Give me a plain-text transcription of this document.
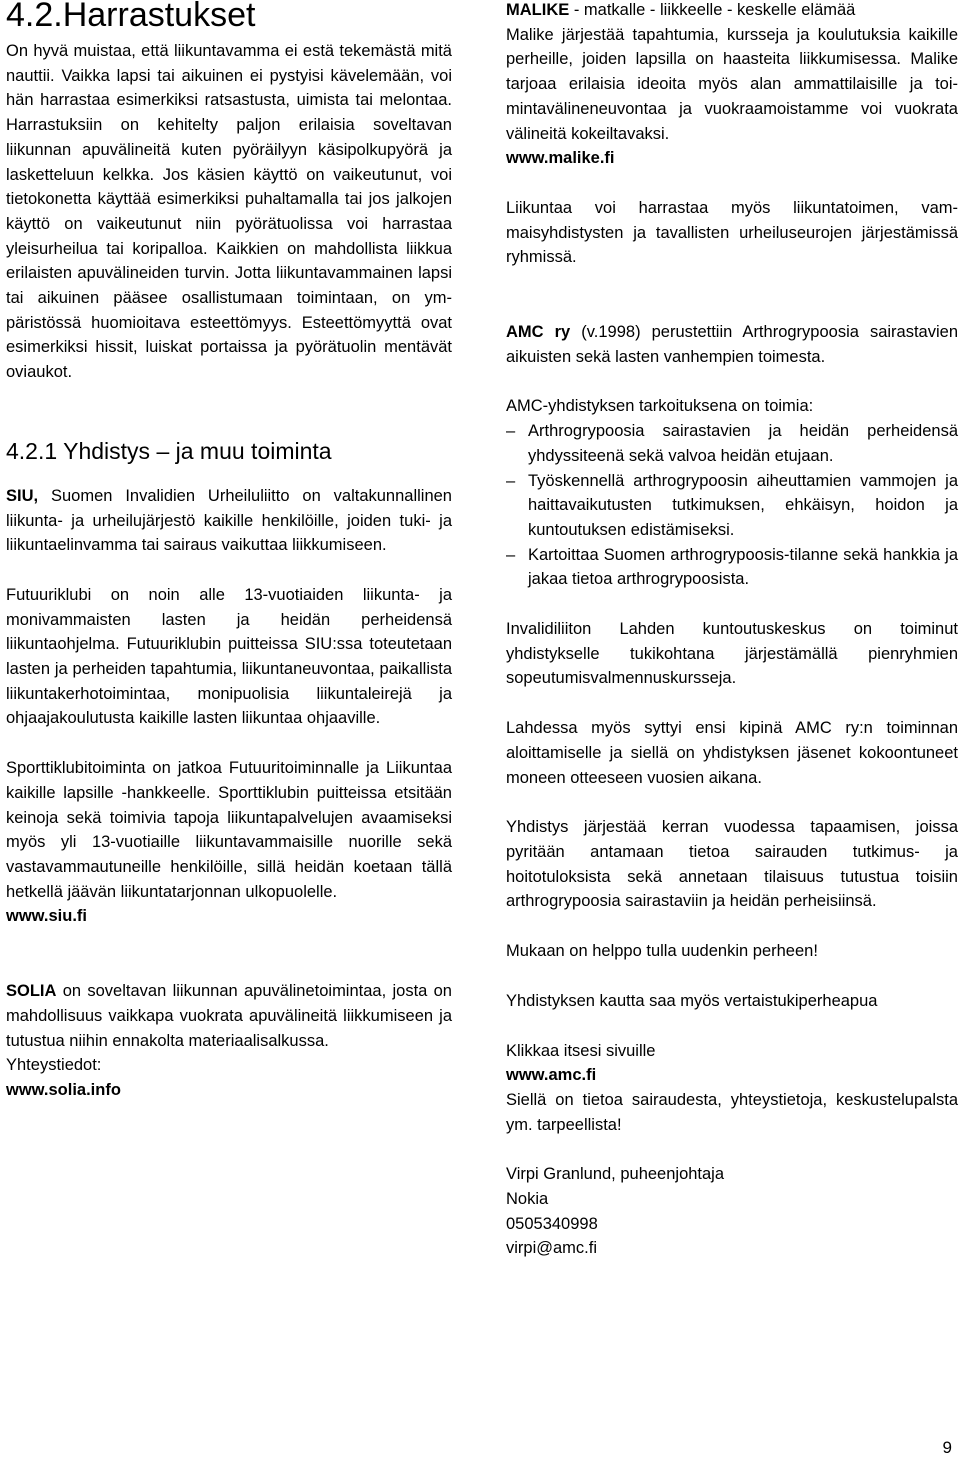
4.2.Harrastukset

On hyvä muistaa, että liikuntavamma ei estä tekemästä mitä nauttii. Vaikka lapsi tai aikuinen ei pystyisi kävelemään, voi hän harrastaa esimerkiksi ratsastusta, uimista tai melontaa. Harrastuksiin on kehitelty paljon erilaisia soveltavan liikunnan apuvälineitä kuten pyöräilyyn käsipolkupyörä ja lasketteluun kelkka. Jos käsien käyttö on vaikeutunut, voi tietokonetta käyttää esimerkiksi puhaltamalla tai jos jalkojen käyttö on vaikeutunut niin pyörätuolissa voi harrastaa yleisurheilua tai koripalloa. Kaikkien on mahdollista liikkua erilaisten apuvälineiden turvin. Jotta liikuntavammainen lapsi tai aikuinen pääsee osallistumaan toimintaan, on ympäristössä huomioitava esteettömyys. Esteettömyyttä ovat esimerkiksi hissit, luiskat portaissa ja pyörätuolin mentävät oviaukot.

4.2.1 Yhdistys – ja muu toiminta

SIU, Suomen Invalidien Urheiluliitto on valtakunnallinen liikunta- ja urheilujärjestö kaikille henkilöille, joiden tuki- ja liikuntaelinvamma tai sairaus vaikuttaa liikkumiseen.

Futuuriklubi on noin alle 13-vuotiaiden liikunta- ja monivammaisten lasten ja heidän perheidensä liikuntaohjelma. Futuuriklubin puitteissa SIU:ssa toteutetaan lasten ja perheiden tapahtumia, liikuntaneuvontaa, paikallista liikuntakerhotoimintaa, monipuolisia liikuntaleirejä ja ohjaajakoulutusta kaikille lasten liikuntaa ohjaaville.

Sporttiklubitoiminta on jatkoa Futuuritoiminnalle ja Liikuntaa kaikille lapsille -hankkeelle. Sporttiklubin puitteissa etsitään keinoja sekä toimivia tapoja liikuntapalvelujen avaamiseksi myös yli 13-vuotiaille liikuntavammaisille nuorille sekä vastavammautuneille henkilöille, sillä heidän koetaan tällä hetkellä jäävän liikuntatarjonnan ulkopuolelle.

www.siu.fi

SOLIA on soveltavan liikunnan apuvälinetoimintaa, josta on mahdollisuus vaikkapa vuokrata apuvälineitä liikkumiseen ja tutustua niihin ennakolta materiaalisalkussa.

Yhteystiedot:

www.solia.info

MALIKE - matkalle - liikkeelle - keskelle elämää

Malike järjestää tapahtumia, kursseja ja koulutuksia kaikille perheille, joiden lapsilla on haasteita liikkumisessa. Malike tarjoaa erilaisia ideoita myös alan ammattilaisille ja toimintavälineneuvontaa ja vuokraamoistamme voi vuokrata välineitä kokeiltavaksi.

www.malike.fi

Liikuntaa voi harrastaa myös liikuntatoimen, vammaisyhdistysten ja tavallisten urheiluseurojen järjestämissä ryhmissä.

AMC ry (v.1998) perustettiin Arthrogrypoosia sairastavien aikuisten sekä lasten vanhempien toimesta.

AMC-yhdistyksen tarkoituksena on toimia:

– Arthrogrypoosia sairastavien ja heidän perheidensä yhdyssiteenä sekä valvoa heidän etujaan.
– Työskennellä arthrogrypoosin aiheuttamien vammojen ja haittavaikutusten tutkimuksen, ehkäisyn, hoidon ja kuntoutuksen edistämiseksi.
– Kartoittaa Suomen arthrogrypoosis-tilanne sekä hankkia ja jakaa tietoa arthrogrypoosista.

Invalidiliiton Lahden kuntoutuskeskus on toiminut yhdistykselle tukikohtana järjestämällä pienryhmien sopeutumisvalmennuskursseja.

Lahdessa myös syttyi ensi kipinä AMC ry:n toiminnan aloittamiselle ja siellä on yhdistyksen jäsenet kokoontuneet moneen otteeseen vuosien aikana.

Yhdistys järjestää kerran vuodessa tapaamisen, joissa pyritään antamaan tietoa sairauden tutkimus- ja hoitotuloksista sekä annetaan tilaisuus tutustua toisiin arthrogrypoosia sairastaviin ja heidän perheisiinsä.

Mukaan on helppo tulla uudenkin perheen!

Yhdistyksen kautta saa myös vertaistukiperheapua

Klikkaa itsesi sivuille

www.amc.fi

Siellä on tietoa sairaudesta, yhteystietoja, keskustelupalsta ym. tarpeellista!

Virpi Granlund, puheenjohtaja

Nokia

0505340998

virpi@amc.fi

9
